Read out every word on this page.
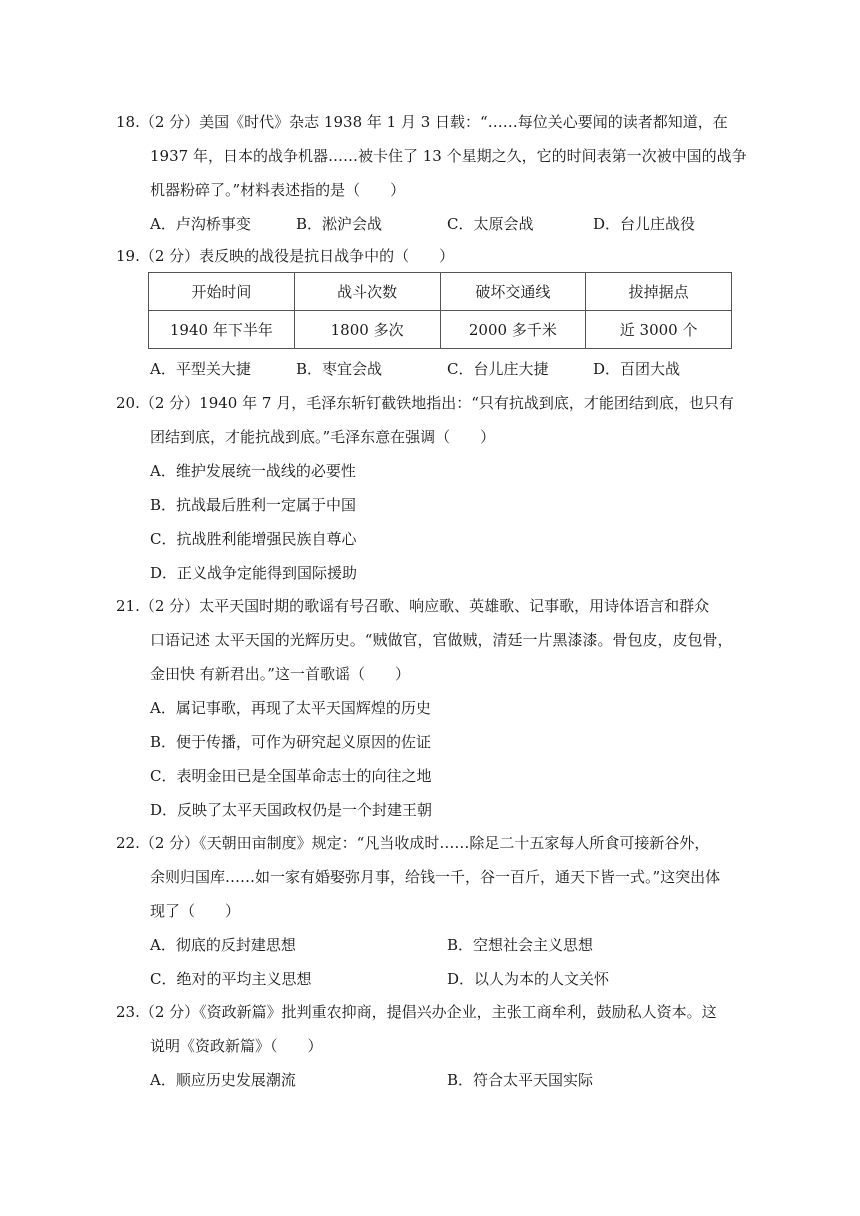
18.（2 分）美国《时代》杂志 1938 年 1 月 3 日载：“……每位关心要闻的读者都知道，在
1937 年，日本的战争机器……被卡住了 13 个星期之久，它的时间表第一次被中国的战争
机器粉碎了。”材料表述指的是（　　）
A．卢沟桥事变	B．淞沪会战	C．太原会战	D．台儿庄战役
19.（2 分）表反映的战役是抗日战争中的（　　）
开始时间	战斗次数	破坏交通线	拔掉据点
1940 年下半年	1800 多次	2000 多千米	近 3000 个
A．平型关大捷	B．枣宜会战	C．台儿庄大捷	D．百团大战
20.（2 分）1940 年 7 月，毛泽东斩钉截铁地指出：“只有抗战到底，才能团结到底，也只有
团结到底，才能抗战到底。”毛泽东意在强调（　　）
A．维护发展统一战线的必要性
B．抗战最后胜利一定属于中国
C．抗战胜利能增强民族自尊心
D．正义战争定能得到国际援助
21.（2 分）太平天国时期的歌谣有号召歌、响应歌、英雄歌、记事歌，用诗体语言和群众
口语记述 太平天国的光辉历史。“贼做官，官做贼，清廷一片黑漆漆。骨包皮，皮包骨，
金田快 有新君出。”这一首歌谣（　　）
A．属记事歌，再现了太平天国辉煌的历史
B．便于传播，可作为研究起义原因的佐证
C．表明金田已是全国革命志士的向往之地
D．反映了太平天国政权仍是一个封建王朝
22.（2 分）《天朝田亩制度》规定：“凡当收成时……除足二十五家每人所食可接新谷外，
余则归国库……如一家有婚娶弥月事，给钱一千，谷一百斤，通天下皆一式。”这突出体
现了（　　）
A．彻底的反封建思想	B．空想社会主义思想
C．绝对的平均主义思想	D．以人为本的人文关怀
23.（2 分）《资政新篇》批判重农抑商，提倡兴办企业，主张工商牟利，鼓励私人资本。这
说明《资政新篇》（　　）
A．顺应历史发展潮流	B．符合太平天国实际
